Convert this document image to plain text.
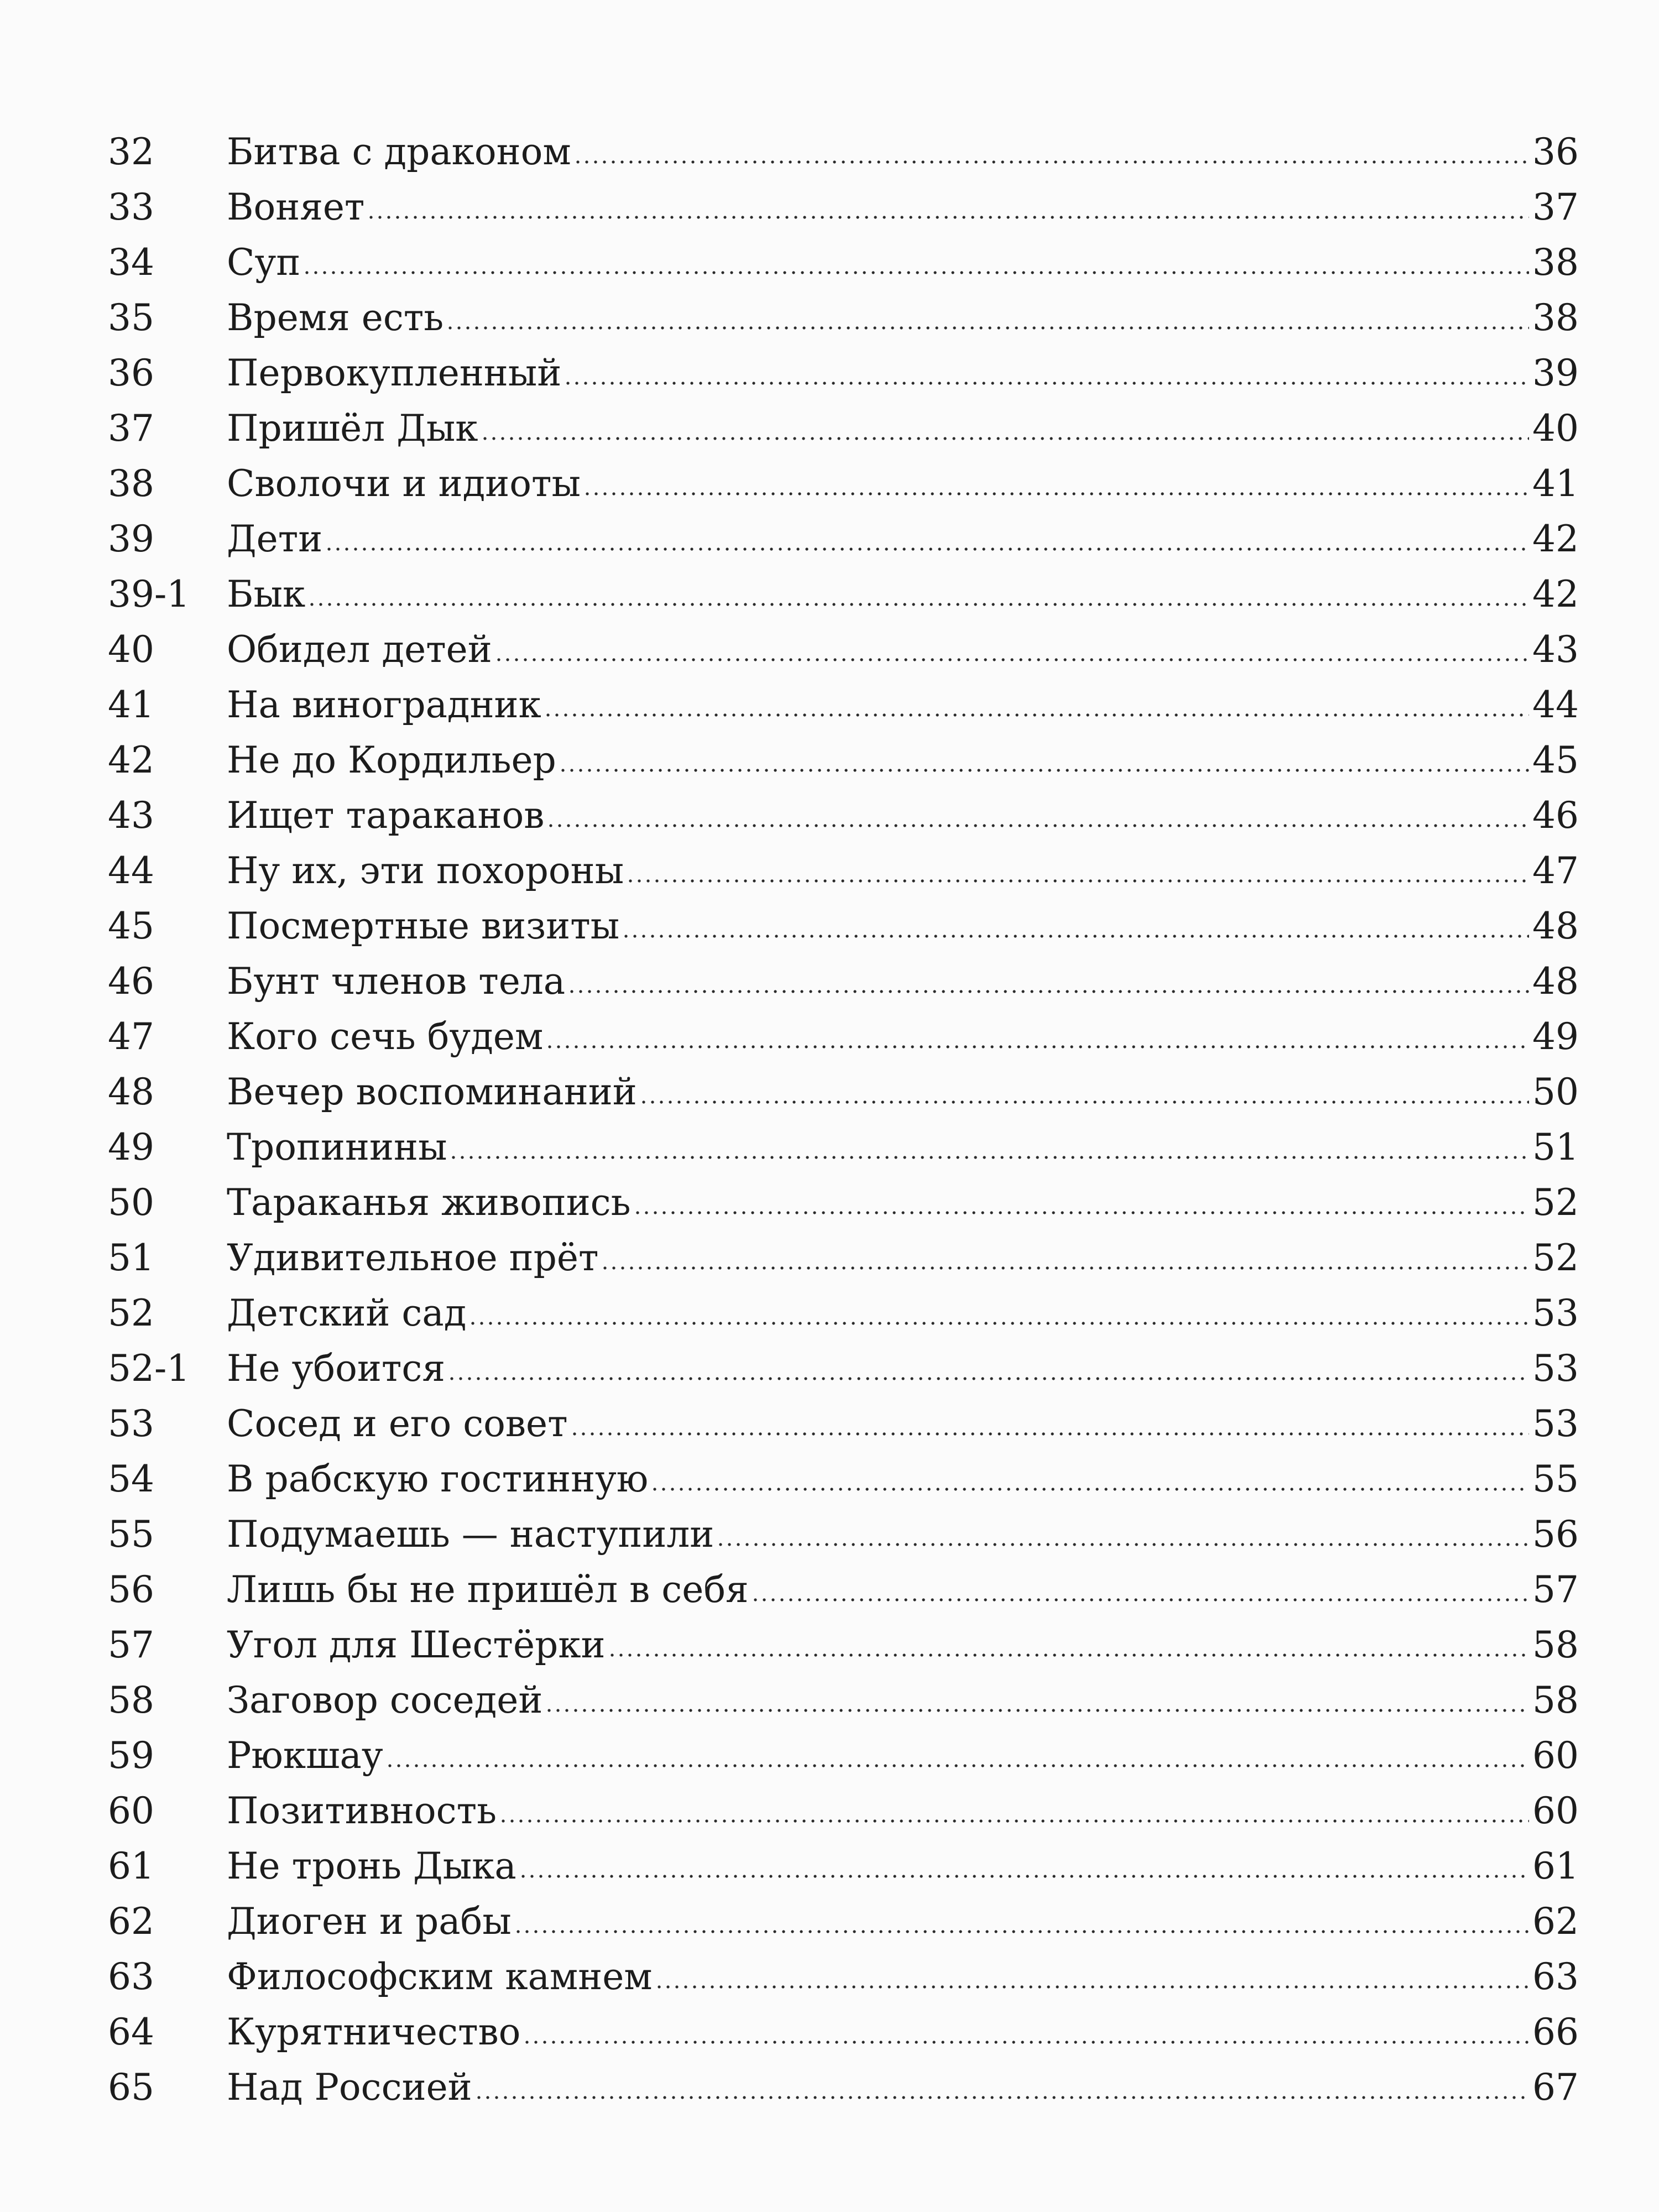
32	Битва с драконом	36
33	Воняет	37
34	Суп	38
35	Время есть	38
36	Первокупленный	39
37	Пришёл Дык	40
38	Сволочи и идиоты	41
39	Дети	42
39-1	Бык	42
40	Обидел детей	43
41	На виноградник	44
42	Не до Кордильер	45
43	Ищет тараканов	46
44	Ну их, эти похороны	47
45	Посмертные визиты	48
46	Бунт членов тела	48
47	Кого сечь будем	49
48	Вечер воспоминаний	50
49	Тропинины	51
50	Тараканья живопись	52
51	Удивительное прёт	52
52	Детский сад	53
52-1	Не убоится	53
53	Сосед и его совет	53
54	В рабскую гостинную	55
55	Подумаешь — наступили	56
56	Лишь бы не пришёл в себя	57
57	Угол для Шестёрки	58
58	Заговор соседей	58
59	Рюкшау	60
60	Позитивность	60
61	Не тронь Дыка	61
62	Диоген и рабы	62
63	Философским камнем	63
64	Курятничество	66
65	Над Россией	67
